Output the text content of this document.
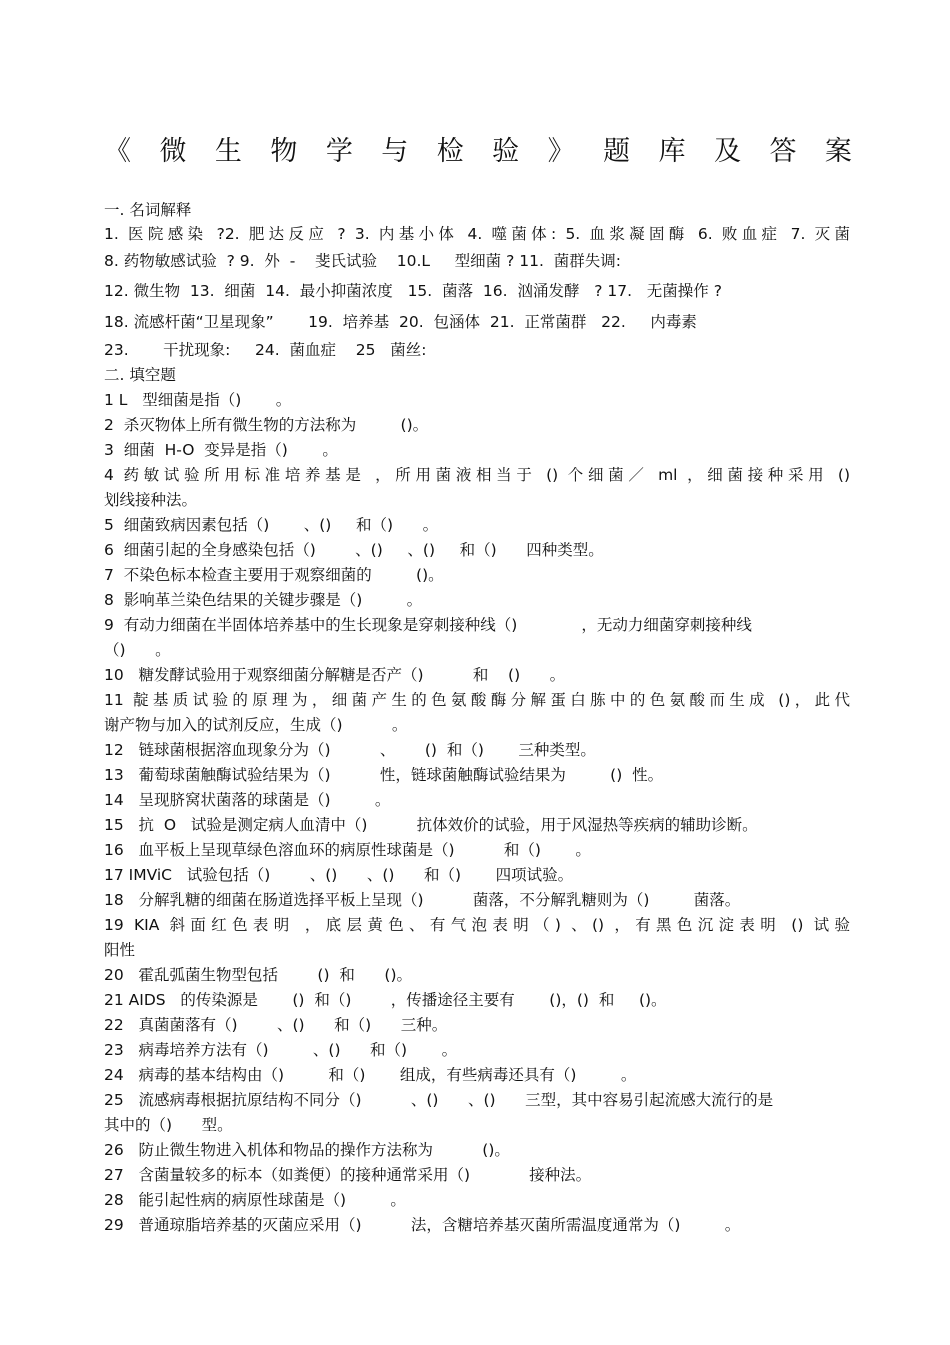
《 微 生 物 学 与 检 验 》 题 库 及 答 案
一. 名词解释
1. 医院感染 ?2. 肥达反应 ? 3. 内基小体 4. 噬菌体: 5. 血浆凝固酶 6. 败血症 7. 灭菌
8. 药物敏感试验  ? 9.  外  -    斐氏试验    10.L     型细菌 ? 11.  菌群失调:
12. 微生物  13.  细菌  14.  最小抑菌浓度   15.  菌落  16.  汹涌发酵   ? 17.   无菌操作 ?
18. 流感杆菌“卫星现象”       19.  培养基  20.  包涵体  21.  正常菌群   22.     内毒素
23.       干扰现象:     24.  菌血症    25   菌丝:
二. 填空题
1 L   型细菌是指（)       。
2  杀灭物体上所有微生物的方法称为         ()。
3  细菌  H-O  变异是指（)       。
4 药敏试验所用标准培养基是 ，所用菌液相当于 () 个细菌／ ml ，细菌接种采用 ()
划线接种法。
5  细菌致病因素包括（)       、()     和（)      。
6  细菌引起的全身感染包括（)        、()     、()     和（)      四种类型。
7  不染色标本检查主要用于观察细菌的         ()。
8  影响革兰染色结果的关键步骤是（)         。
9  有动力细菌在半固体培养基中的生长现象是穿刺接种线（)             ，无动力细菌穿刺接种线
（)      。
10   糖发酵试验用于观察细菌分解糖是否产（)          和    ()      。
11 靛基质试验的原理为，细菌产生的色氨酸酶分解蛋白胨中的色氨酸而生成 ()，此代
谢产物与加入的试剂反应，生成（)          。
12   链球菌根据溶血现象分为（)          、      ()  和（)       三种类型。
13   葡萄球菌触酶试验结果为（)          性，链球菌触酶试验结果为         ()  性。
14   呈现脐窝状菌落的球菌是（)         。
15   抗  O   试验是测定病人血清中（)          抗体效价的试验，用于风湿热等疾病的辅助诊断。
16   血平板上呈现草绿色溶血环的病原性球菌是（)          和（)       。
17 IMViC   试验包括（)        、()      、()      和（)       四项试验。
18   分解乳糖的细菌在肠道选择平板上呈现（)          菌落，不分解乳糖则为（)         菌落。
19 KIA 斜面红色表明 ，底层黄色、有气泡表明（) 、() ，有黑色沉淀表明 () 试验
阳性
20   霍乱弧菌生物型包括        ()  和      ()。
21 AIDS   的传染源是       ()  和（)        ，传播途径主要有       ()，()  和     ()。
22   真菌菌落有（)        、()      和（)      三种。
23   病毒培养方法有（)         、()      和（)       。
24   病毒的基本结构由（)         和（)       组成，有些病毒还具有（)         。
25   流感病毒根据抗原结构不同分（)          、()      、()      三型，其中容易引起流感大流行的是
其中的（)      型。
26   防止微生物进入机体和物品的操作方法称为          ()。
27   含菌量较多的标本（如粪便）的接种通常采用（)            接种法。
28   能引起性病的病原性球菌是（)         。
29   普通琼脂培养基的灭菌应采用（)          法，含糖培养基灭菌所需温度通常为（)         。
